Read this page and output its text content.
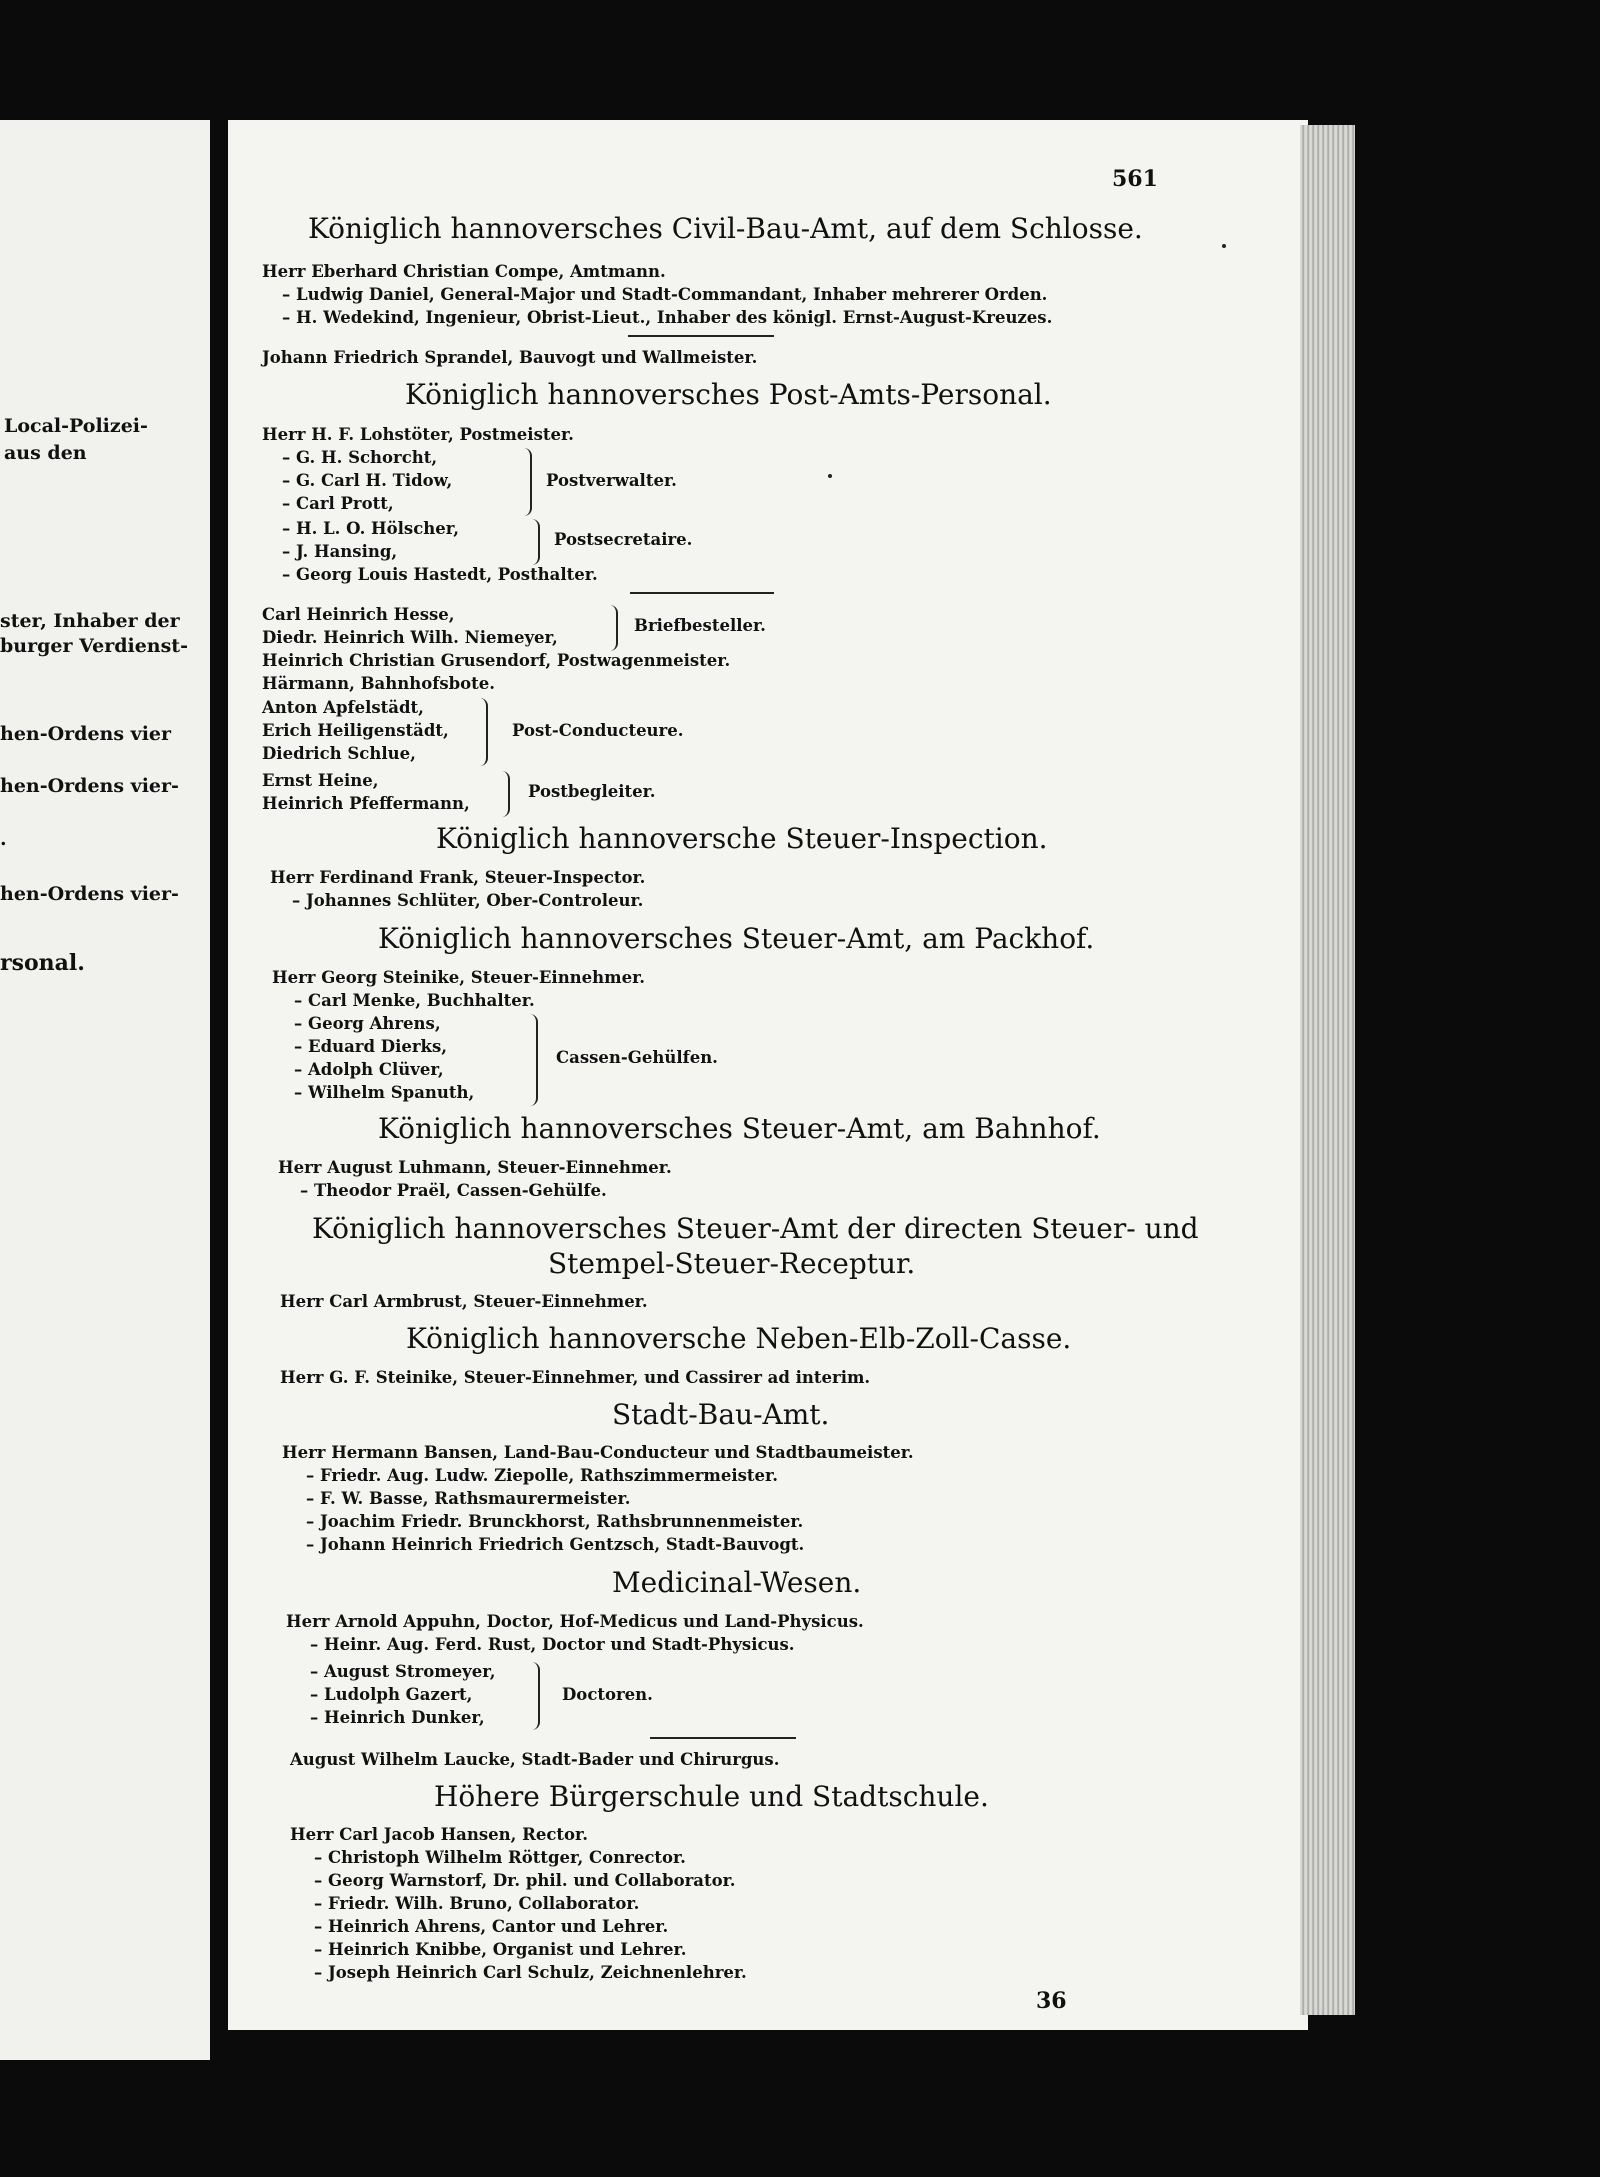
Local-Polizei-
aus den
ster, Inhaber der
burger Verdienst-
hen-Ordens vier
hen-Ordens vier-
.
hen-Ordens vier-
rsonal.
561
Königlich hannoversches Civil-Bau-Amt, auf dem Schlosse.
Herr Eberhard Christian Compe, Amtmann.
– Ludwig Daniel, General-Major und Stadt-Commandant, Inhaber mehrerer Orden.
– H. Wedekind, Ingenieur, Obrist-Lieut., Inhaber des königl. Ernst-August-Kreuzes.
Johann Friedrich Sprandel, Bauvogt und Wallmeister.
Königlich hannoversches Post-Amts-Personal.
Herr H. F. Lohstöter, Postmeister.
– G. H. Schorcht,
– G. Carl H. Tidow,
– Carl Prott,
Postverwalter.
– H. L. O. Hölscher,
– J. Hansing,
Postsecretaire.
– Georg Louis Hastedt, Posthalter.
Carl Heinrich Hesse,
Diedr. Heinrich Wilh. Niemeyer,
Briefbesteller.
Heinrich Christian Grusendorf, Postwagenmeister.
Härmann, Bahnhofsbote.
Anton Apfelstädt,
Erich Heiligenstädt,
Diedrich Schlue,
Post-Conducteure.
Ernst Heine,
Heinrich Pfeffermann,
Postbegleiter.
Königlich hannoversche Steuer-Inspection.
Herr Ferdinand Frank, Steuer-Inspector.
– Johannes Schlüter, Ober-Controleur.
Königlich hannoversches Steuer-Amt, am Packhof.
Herr Georg Steinike, Steuer-Einnehmer.
– Carl Menke, Buchhalter.
– Georg Ahrens,
– Eduard Dierks,
– Adolph Clüver,
– Wilhelm Spanuth,
Cassen-Gehülfen.
Königlich hannoversches Steuer-Amt, am Bahnhof.
Herr August Luhmann, Steuer-Einnehmer.
– Theodor Praël, Cassen-Gehülfe.
Königlich hannoversches Steuer-Amt der directen Steuer- und
Stempel-Steuer-Receptur.
Herr Carl Armbrust, Steuer-Einnehmer.
Königlich hannoversche Neben-Elb-Zoll-Casse.
Herr G. F. Steinike, Steuer-Einnehmer, und Cassirer ad interim.
Stadt-Bau-Amt.
Herr Hermann Bansen, Land-Bau-Conducteur und Stadtbaumeister.
– Friedr. Aug. Ludw. Ziepolle, Rathszimmermeister.
– F. W. Basse, Rathsmaurermeister.
– Joachim Friedr. Brunckhorst, Rathsbrunnenmeister.
– Johann Heinrich Friedrich Gentzsch, Stadt-Bauvogt.
Medicinal-Wesen.
Herr Arnold Appuhn, Doctor, Hof-Medicus und Land-Physicus.
– Heinr. Aug. Ferd. Rust, Doctor und Stadt-Physicus.
– August Stromeyer,
– Ludolph Gazert,
– Heinrich Dunker,
Doctoren.
August Wilhelm Laucke, Stadt-Bader und Chirurgus.
Höhere Bürgerschule und Stadtschule.
Herr Carl Jacob Hansen, Rector.
– Christoph Wilhelm Röttger, Conrector.
– Georg Warnstorf, Dr. phil. und Collaborator.
– Friedr. Wilh. Bruno, Collaborator.
– Heinrich Ahrens, Cantor und Lehrer.
– Heinrich Knibbe, Organist und Lehrer.
– Joseph Heinrich Carl Schulz, Zeichnenlehrer.
36
